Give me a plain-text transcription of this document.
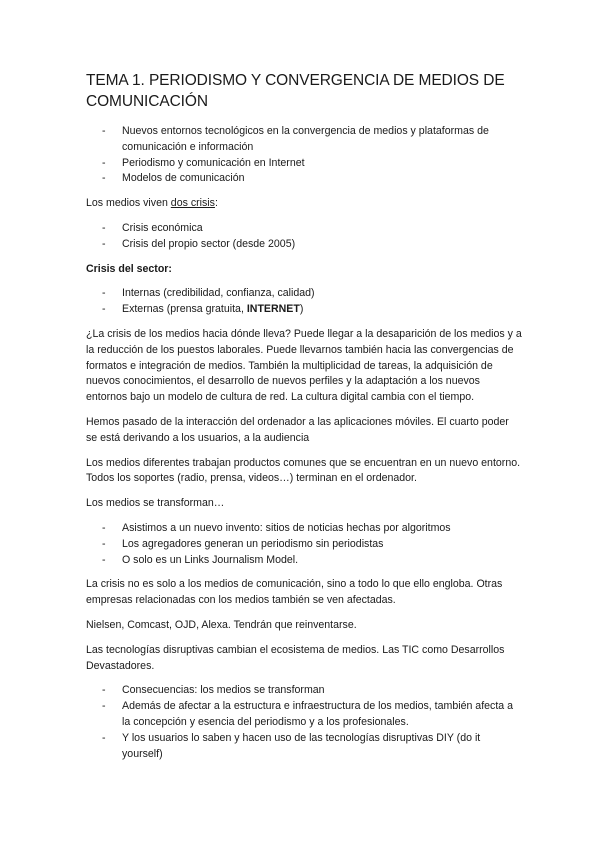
TEMA 1. PERIODISMO Y CONVERGENCIA DE MEDIOS DE COMUNICACIÓN
- Nuevos entornos tecnológicos en la convergencia de medios y plataformas de comunicación e información
- Periodismo y comunicación en Internet
- Modelos de comunicación

Los medios viven dos crisis:

- Crisis económica
- Crisis del propio sector (desde 2005)

Crisis del sector:

- Internas (credibilidad, confianza, calidad)
- Externas (prensa gratuita, INTERNET)

¿La crisis de los medios hacia dónde lleva? Puede llegar a la desaparición de los medios y a la reducción de los puestos laborales. Puede llevarnos también hacia las convergencias de formatos e integración de medios. También la multiplicidad de tareas, la adquisición de nuevos conocimientos, el desarrollo de nuevos perfiles y la adaptación a los nuevos entornos bajo un modelo de cultura de red. La cultura digital cambia con el tiempo.

Hemos pasado de la interacción del ordenador a las aplicaciones móviles. El cuarto poder se está derivando a los usuarios, a la audiencia

Los medios diferentes trabajan productos comunes que se encuentran en un nuevo entorno. Todos los soportes (radio, prensa, videos…) terminan en el ordenador.

Los medios se transforman…

- Asistimos a un nuevo invento: sitios de noticias hechas por algoritmos
- Los agregadores generan un periodismo sin periodistas
- O solo es un Links Journalism Model.

La crisis no es solo a los medios de comunicación, sino a todo lo que ello engloba. Otras empresas relacionadas con los medios también se ven afectadas.

Nielsen, Comcast, OJD, Alexa. Tendrán que reinventarse.

Las tecnologías disruptivas cambian el ecosistema de medios. Las TIC como Desarrollos Devastadores.

- Consecuencias: los medios se transforman
- Además de afectar a la estructura e infraestructura de los medios, también afecta a la concepción y esencia del periodismo y a los profesionales.
- Y los usuarios lo saben y hacen uso de las tecnologías disruptivas DIY (do it yourself)
